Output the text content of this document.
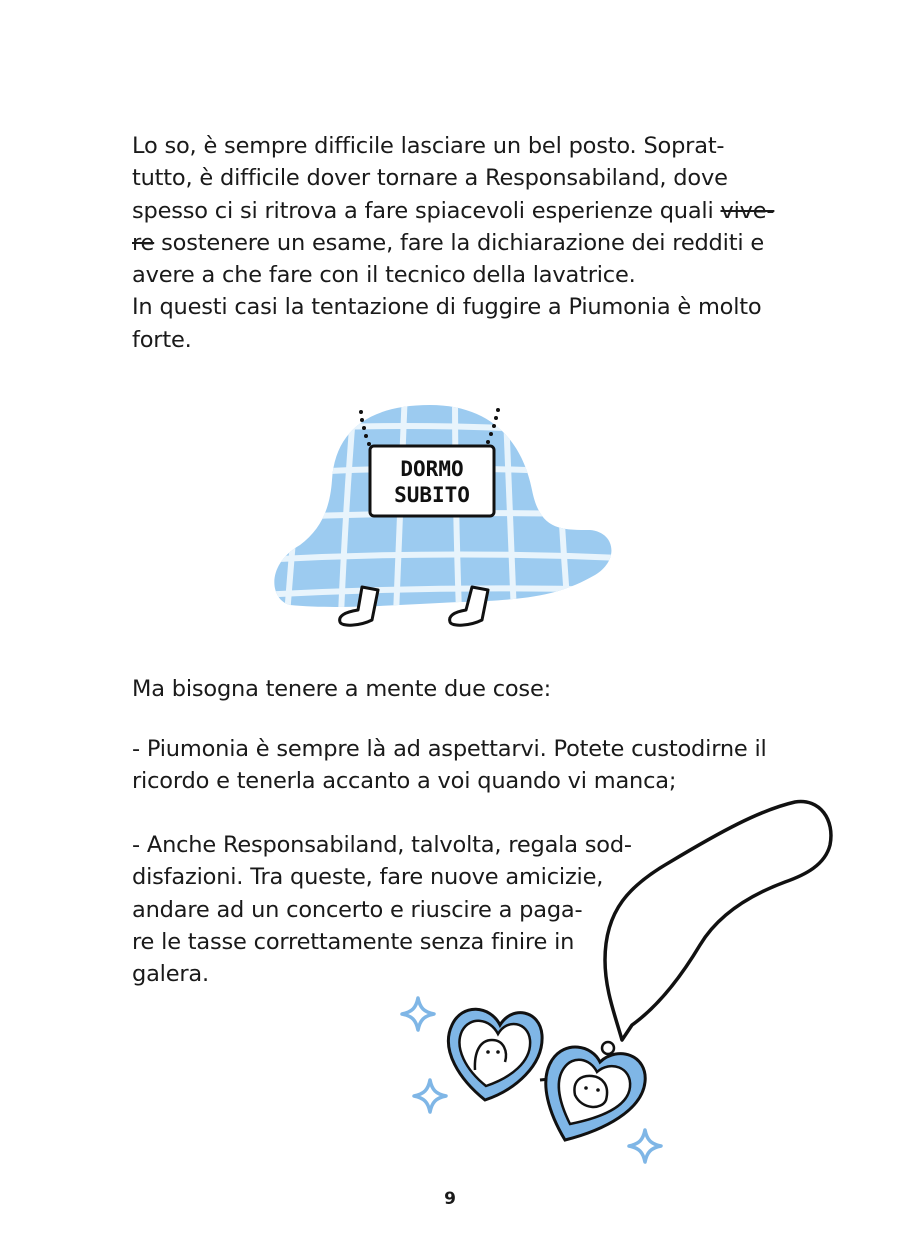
Lo so, è sempre difficile lasciare un bel posto. Soprat-
tutto, è difficile dover tornare a Responsabiland, dove
spesso ci si ritrova a fare spiacevoli esperienze quali vive-
re sostenere un esame, fare la dichiarazione dei redditi e
avere a che fare con il tecnico della lavatrice.
In questi casi la tentazione di fuggire a Piumonia è molto
forte.
DORMO
SUBITO
Ma bisogna tenere a mente due cose:
- Piumonia è sempre là ad aspettarvi. Potete custodirne il
ricordo e tenerla accanto a voi quando vi manca;
- Anche Responsabiland, talvolta, regala sod-
disfazioni. Tra queste, fare nuove amicizie,
andare ad un concerto e riuscire a paga-
re le tasse correttamente senza finire in
galera.
9
